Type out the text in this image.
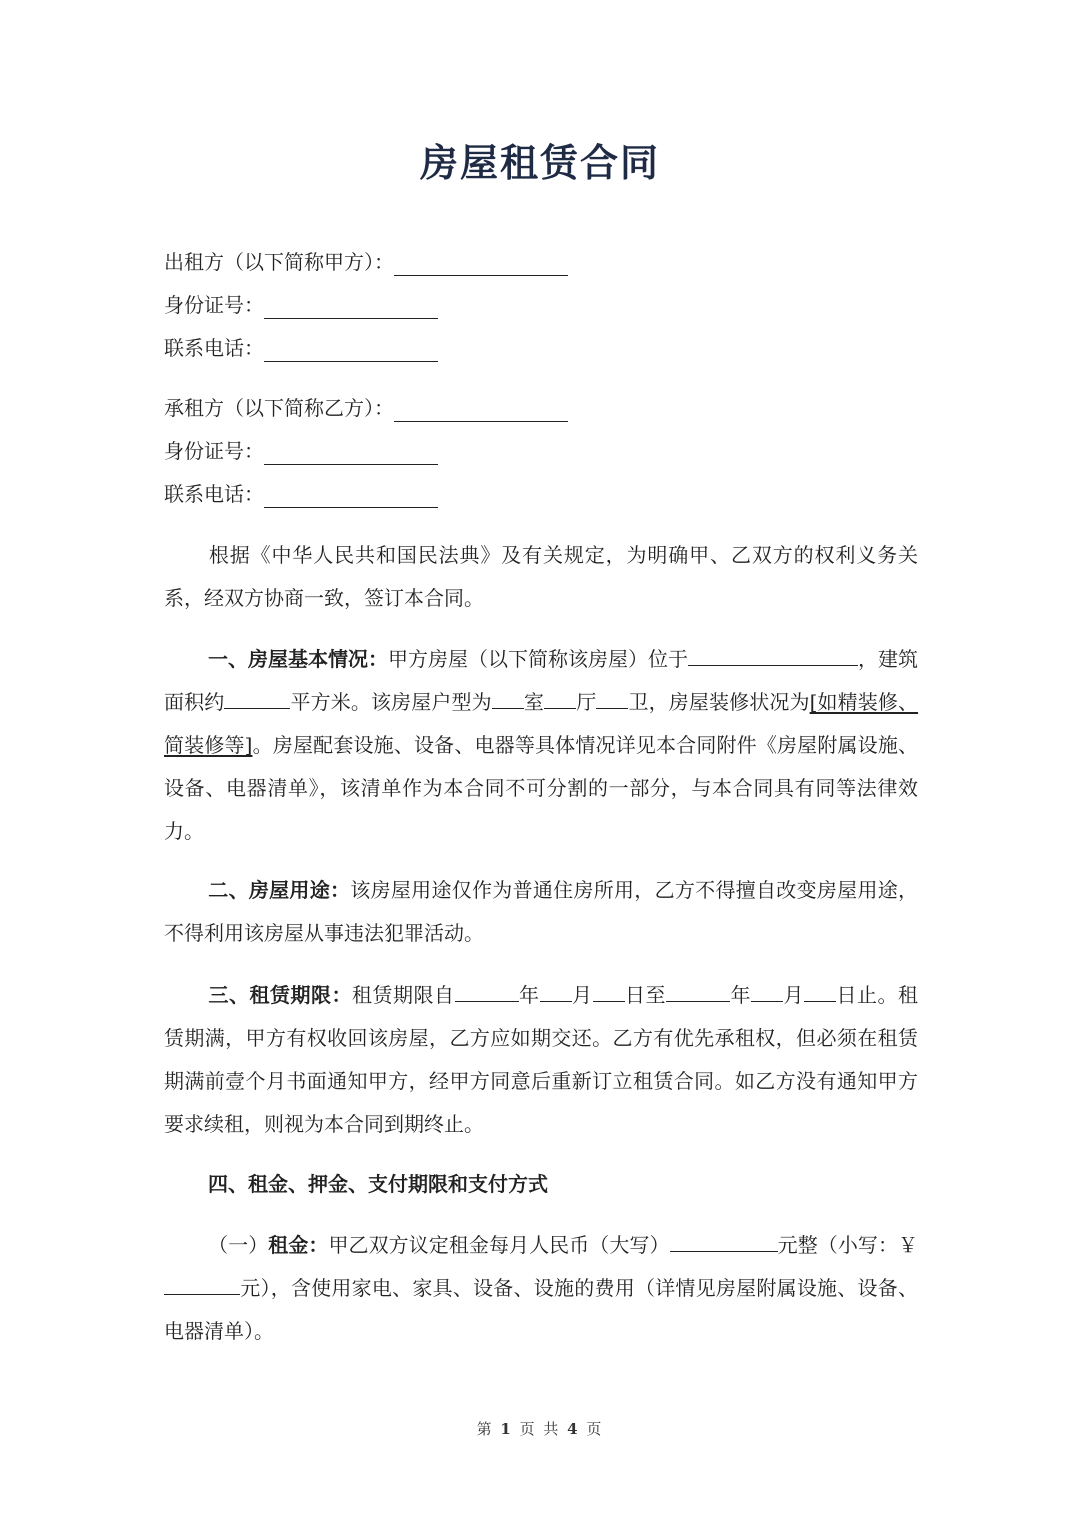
房屋租赁合同
出租方（以下简称甲方）：
身份证号：
联系电话：
承租方（以下简称乙方）：
身份证号：
联系电话：
根据《中华人民共和国民法典》及有关规定，为明确甲、乙双方的权利义务关系，经双方协商一致，签订本合同。
一、房屋基本情况：甲方房屋（以下简称该房屋）位于	，建筑面积约	平方米。该房屋户型为 室 厅 卫，房屋装修状况为[如精装修、简装修等]。房屋配套设施、设备、电器等具体情况详见本合同附件《房屋附属设施、设备、电器清单》，该清单作为本合同不可分割的一部分，与本合同具有同等法律效力。
二、房屋用途：该房屋用途仅作为普通住房所用，乙方不得擅自改变房屋用途，不得利用该房屋从事违法犯罪活动。
三、租赁期限：租赁期限自	年 月 日至	年 月 日止。租赁期满，甲方有权收回该房屋，乙方应如期交还。乙方有优先承租权，但必须在租赁期满前壹个月书面通知甲方，经甲方同意后重新订立租赁合同。如乙方没有通知甲方要求续租，则视为本合同到期终止。
四、租金、押金、支付期限和支付方式
（一）租金：甲乙双方议定租金每月人民币（大写）	元整（小写：￥元），含使用家电、家具、设备、设施的费用（详情见房屋附属设施、设备、电器清单）。
第 1 页 共 4 页
